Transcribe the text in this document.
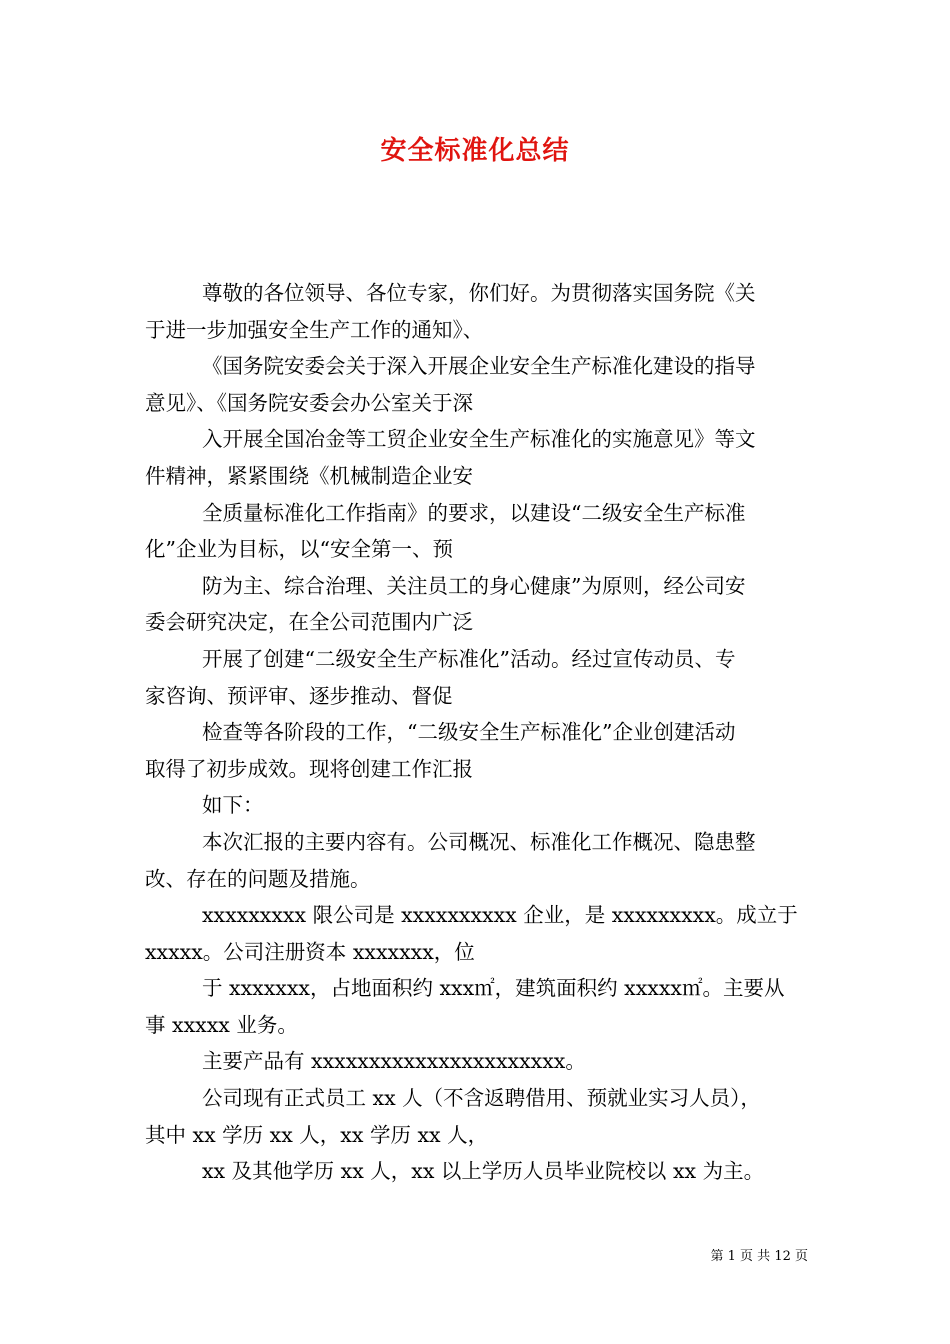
安全标准化总结
尊敬的各位领导、各位专家，你们好。为贯彻落实国务院《关
于进一步加强安全生产工作的通知》、
《国务院安委会关于深入开展企业安全生产标准化建设的指导
意见》、《国务院安委会办公室关于深
入开展全国冶金等工贸企业安全生产标准化的实施意见》等文
件精神，紧紧围绕《机械制造企业安
全质量标准化工作指南》的要求，以建设“二级安全生产标准
化”企业为目标，以“安全第一、预
防为主、综合治理、关注员工的身心健康”为原则，经公司安
委会研究决定，在全公司范围内广泛
开展了创建“二级安全生产标准化”活动。经过宣传动员、专
家咨询、预评审、逐步推动、督促
检查等各阶段的工作，“二级安全生产标准化”企业创建活动
取得了初步成效。现将创建工作汇报
如下：
本次汇报的主要内容有。公司概况、标准化工作概况、隐患整
改、存在的问题及措施。
xxxxxxxxx 限公司是 xxxxxxxxxx 企业，是 xxxxxxxxx。成立于
xxxxx。公司注册资本 xxxxxxx，位
于 xxxxxxx，占地面积约 xxx㎡，建筑面积约 xxxxx㎡。主要从
事 xxxxx 业务。
主要产品有 xxxxxxxxxxxxxxxxxxxxxx。
公司现有正式员工 xx 人（不含返聘借用、预就业实习人员），
其中 xx 学历 xx 人，xx 学历 xx 人，
xx 及其他学历 xx 人，xx 以上学历人员毕业院校以 xx 为主。
第 1 页 共 12 页
